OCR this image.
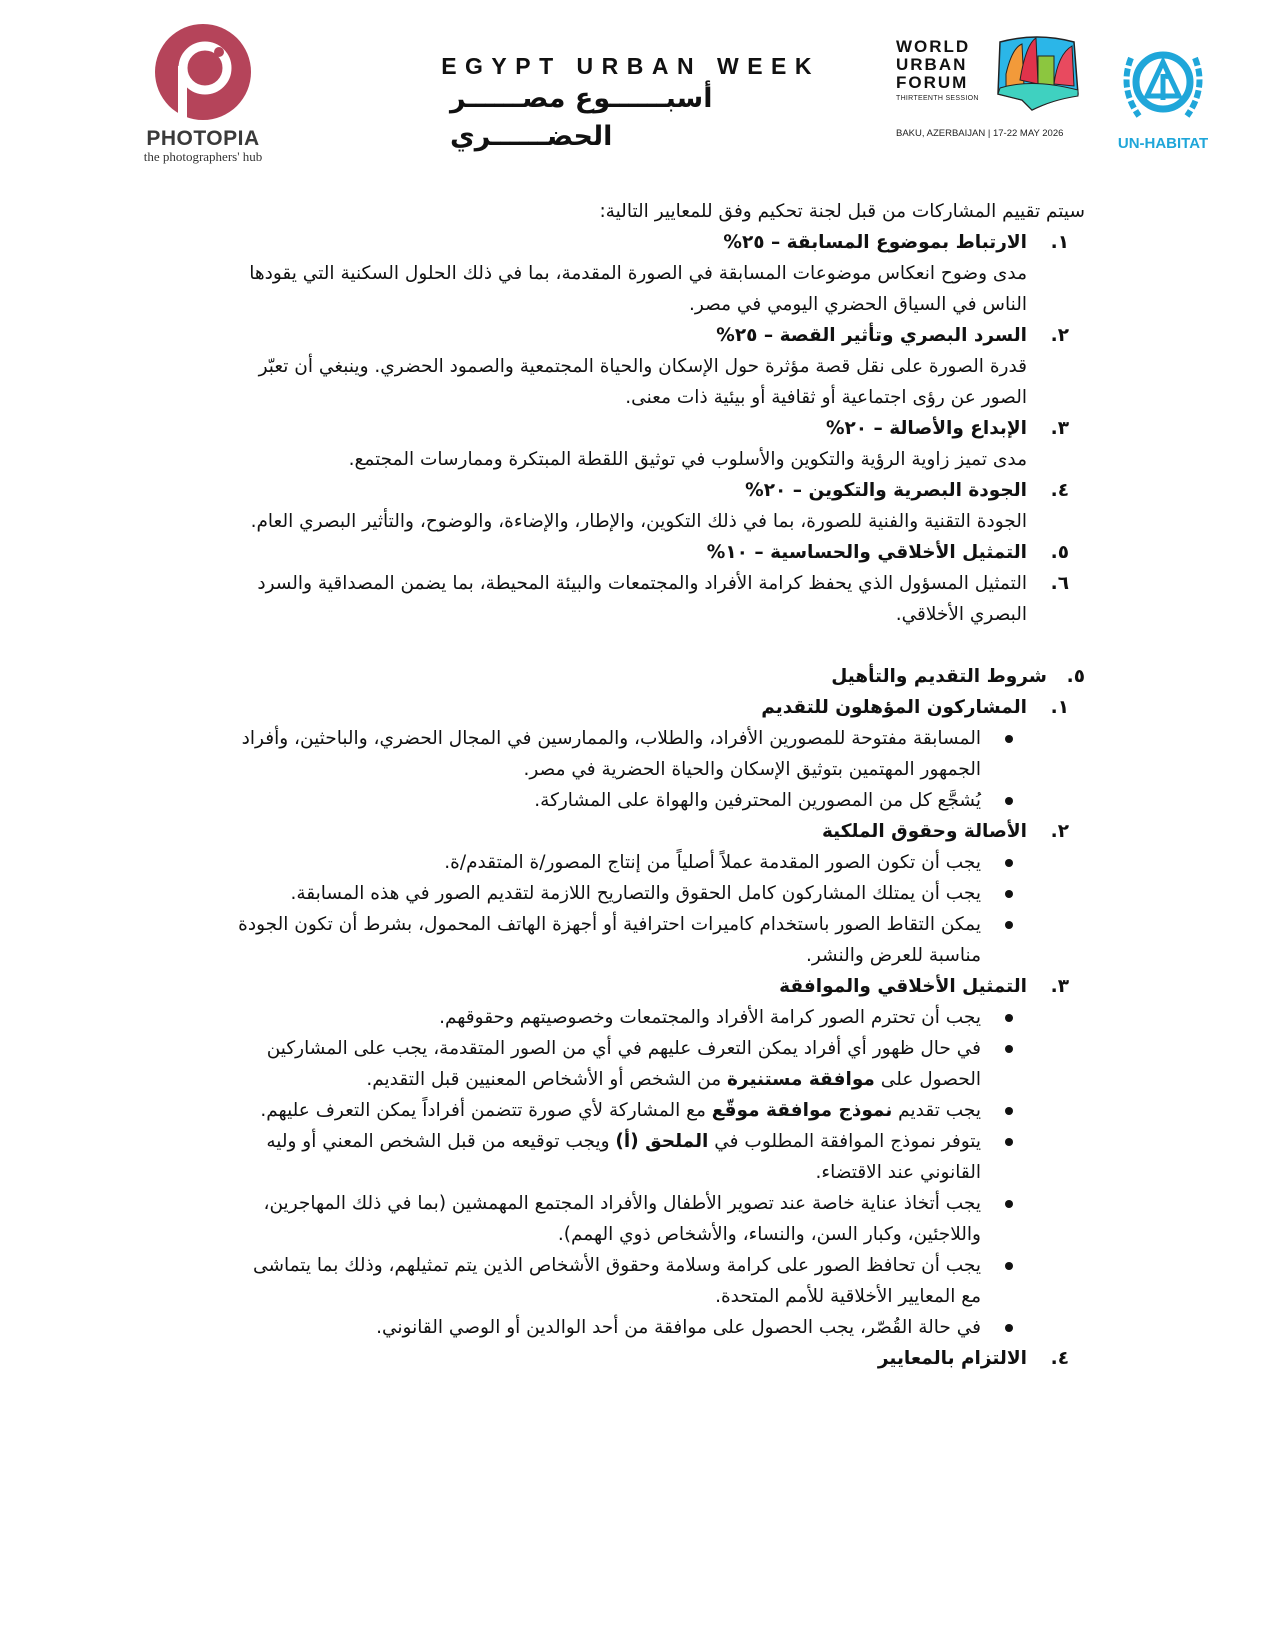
PHOTOPIA
the photographers' hub
EGYPT URBAN WEEK
أسبــــــوع مصــــــر الحضــــــري
WORLD
URBAN
FORUM
THIRTEENTH SESSION
BAKU, AZERBAIJAN | 17-22 MAY 2026
UN-HABITAT
سيتم تقييم المشاركات من قبل لجنة تحكيم وفق للمعايير التالية:
١.
الارتباط بموضوع المسابقة – ٢٥%
مدى وضوح انعكاس موضوعات المسابقة في الصورة المقدمة، بما في ذلك الحلول السكنية التي يقودها
الناس في السياق الحضري اليومي في مصر.
٢.
السرد البصري وتأثير القصة – ٢٥%
قدرة الصورة على نقل قصة مؤثرة حول الإسكان والحياة المجتمعية والصمود الحضري. وينبغي أن تعبّر
الصور عن رؤى اجتماعية أو ثقافية أو بيئية ذات معنى.
٣.
الإبداع والأصالة – ٢٠%
مدى تميز زاوية الرؤية والتكوين والأسلوب في توثيق اللقطة المبتكرة وممارسات المجتمع.
٤.
الجودة البصرية والتكوين – ٢٠%
الجودة التقنية والفنية للصورة، بما في ذلك التكوين، والإطار، والإضاءة، والوضوح، والتأثير البصري العام.
٥.
التمثيل الأخلاقي والحساسية – ١٠%
٦.
التمثيل المسؤول الذي يحفظ كرامة الأفراد والمجتمعات والبيئة المحيطة، بما يضمن المصداقية والسرد
البصري الأخلاقي.
٥.
شروط التقديم والتأهيل
١.
المشاركون المؤهلون للتقديم
المسابقة مفتوحة للمصورين الأفراد، والطلاب، والممارسين في المجال الحضري، والباحثين، وأفراد
الجمهور المهتمين بتوثيق الإسكان والحياة الحضرية في مصر.
يُشجَّع كل من المصورين المحترفين والهواة على المشاركة.
٢.
الأصالة وحقوق الملكية
يجب أن تكون الصور المقدمة عملاً أصلياً من إنتاج المصور/ة المتقدم/ة.
يجب أن يمتلك المشاركون كامل الحقوق والتصاريح اللازمة لتقديم الصور في هذه المسابقة.
يمكن التقاط الصور باستخدام كاميرات احترافية أو أجهزة الهاتف المحمول، بشرط أن تكون الجودة
مناسبة للعرض والنشر.
٣.
التمثيل الأخلاقي والموافقة
يجب أن تحترم الصور كرامة الأفراد والمجتمعات وخصوصيتهم وحقوقهم.
في حال ظهور أي أفراد يمكن التعرف عليهم في أي من الصور المتقدمة، يجب على المشاركين
الحصول على موافقة مستنيرة من الشخص أو الأشخاص المعنيين قبل التقديم.
يجب تقديم نموذج موافقة موقّع مع المشاركة لأي صورة تتضمن أفراداً يمكن التعرف عليهم.
يتوفر نموذج الموافقة المطلوب في الملحق (أ) ويجب توقيعه من قبل الشخص المعني أو وليه
القانوني عند الاقتضاء.
يجب أتخاذ عناية خاصة عند تصوير الأطفال والأفراد المجتمع المهمشين (بما في ذلك المهاجرين،
واللاجئين، وكبار السن، والنساء، والأشخاص ذوي الهمم).
يجب أن تحافظ الصور على كرامة وسلامة وحقوق الأشخاص الذين يتم تمثيلهم، وذلك بما يتماشى
مع المعايير الأخلاقية للأمم المتحدة.
في حالة القُصّر، يجب الحصول على موافقة من أحد الوالدين أو الوصي القانوني.
٤.
الالتزام بالمعايير
